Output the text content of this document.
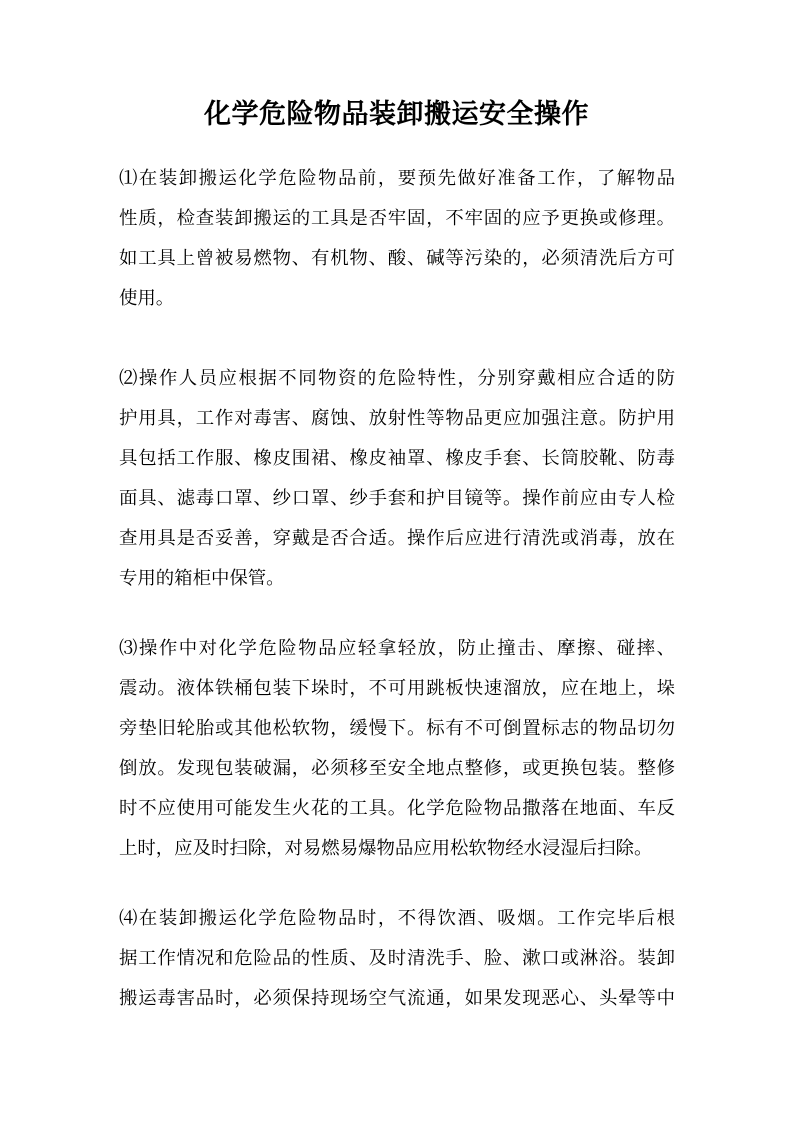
化学危险物品装卸搬运安全操作
⑴在装卸搬运化学危险物品前，要预先做好准备工作，了解物品
性质，检查装卸搬运的工具是否牢固，不牢固的应予更换或修理。
如工具上曾被易燃物、有机物、酸、碱等污染的，必须清洗后方可
使用。
⑵操作人员应根据不同物资的危险特性，分别穿戴相应合适的防
护用具，工作对毒害、腐蚀、放射性等物品更应加强注意。防护用
具包括工作服、橡皮围裙、橡皮袖罩、橡皮手套、长筒胶靴、防毒
面具、滤毒口罩、纱口罩、纱手套和护目镜等。操作前应由专人检
查用具是否妥善，穿戴是否合适。操作后应进行清洗或消毒，放在
专用的箱柜中保管。
⑶操作中对化学危险物品应轻拿轻放，防止撞击、摩擦、碰摔、
震动。液体铁桶包装下垛时，不可用跳板快速溜放，应在地上，垛
旁垫旧轮胎或其他松软物，缓慢下。标有不可倒置标志的物品切勿
倒放。发现包装破漏，必须移至安全地点整修，或更换包装。整修
时不应使用可能发生火花的工具。化学危险物品撒落在地面、车反
上时，应及时扫除，对易燃易爆物品应用松软物经水浸湿后扫除。
⑷在装卸搬运化学危险物品时，不得饮酒、吸烟。工作完毕后根
据工作情况和危险品的性质、及时清洗手、脸、漱口或淋浴。装卸
搬运毒害品时，必须保持现场空气流通，如果发现恶心、头晕等中
